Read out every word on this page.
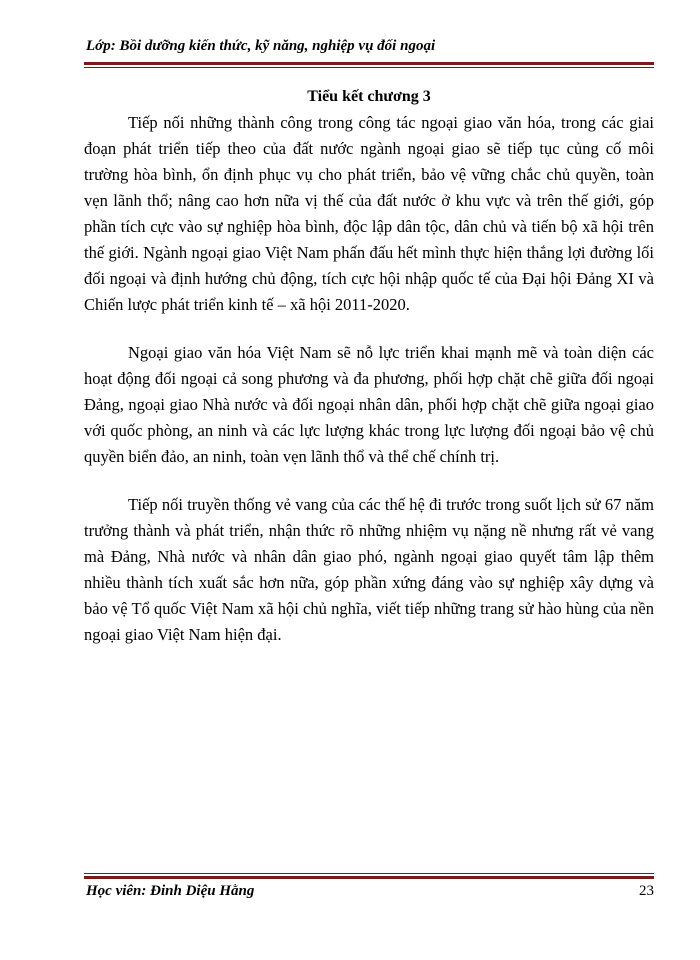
Lớp: Bồi dưỡng kiến thức, kỹ năng, nghiệp vụ đối ngoại
Tiểu kết chương 3

Tiếp nối những thành công trong công tác ngoại giao văn hóa, trong các giai đoạn phát triển tiếp theo của đất nước ngành ngoại giao sẽ tiếp tục củng cố môi trường hòa bình, ổn định phục vụ cho phát triển, bảo vệ vững chắc chủ quyền, toàn vẹn lãnh thổ; nâng cao hơn nữa vị thế của đất nước ở khu vực và trên thế giới, góp phần tích cực vào sự nghiệp hòa bình, độc lập dân tộc, dân chủ và tiến bộ xã hội trên thế giới. Ngành ngoại giao Việt Nam phấn đấu hết mình thực hiện thắng lợi đường lối đối ngoại và định hướng chủ động, tích cực hội nhập quốc tế của Đại hội Đảng XI và Chiến lược phát triển kinh tế – xã hội 2011-2020.

Ngoại giao văn hóa Việt Nam sẽ nỗ lực triển khai mạnh mẽ và toàn diện các hoạt động đối ngoại cả song phương và đa phương, phối hợp chặt chẽ giữa đối ngoại Đảng, ngoại giao Nhà nước và đối ngoại nhân dân, phối hợp chặt chẽ giữa ngoại giao với quốc phòng, an ninh và các lực lượng khác trong lực lượng đối ngoại bảo vệ chủ quyền biển đảo, an ninh, toàn vẹn lãnh thổ và thể chế chính trị.

Tiếp nối truyền thống vẻ vang của các thế hệ đi trước trong suốt lịch sử 67 năm trưởng thành và phát triển, nhận thức rõ những nhiệm vụ nặng nề nhưng rất vẻ vang mà Đảng, Nhà nước và nhân dân giao phó, ngành ngoại giao quyết tâm lập thêm nhiều thành tích xuất sắc hơn nữa, góp phần xứng đáng vào sự nghiệp xây dựng và bảo vệ Tổ quốc Việt Nam xã hội chủ nghĩa, viết tiếp những trang sử hào hùng của nền ngoại giao Việt Nam hiện đại.

Học viên: Đinh Diệu Hằng	23
